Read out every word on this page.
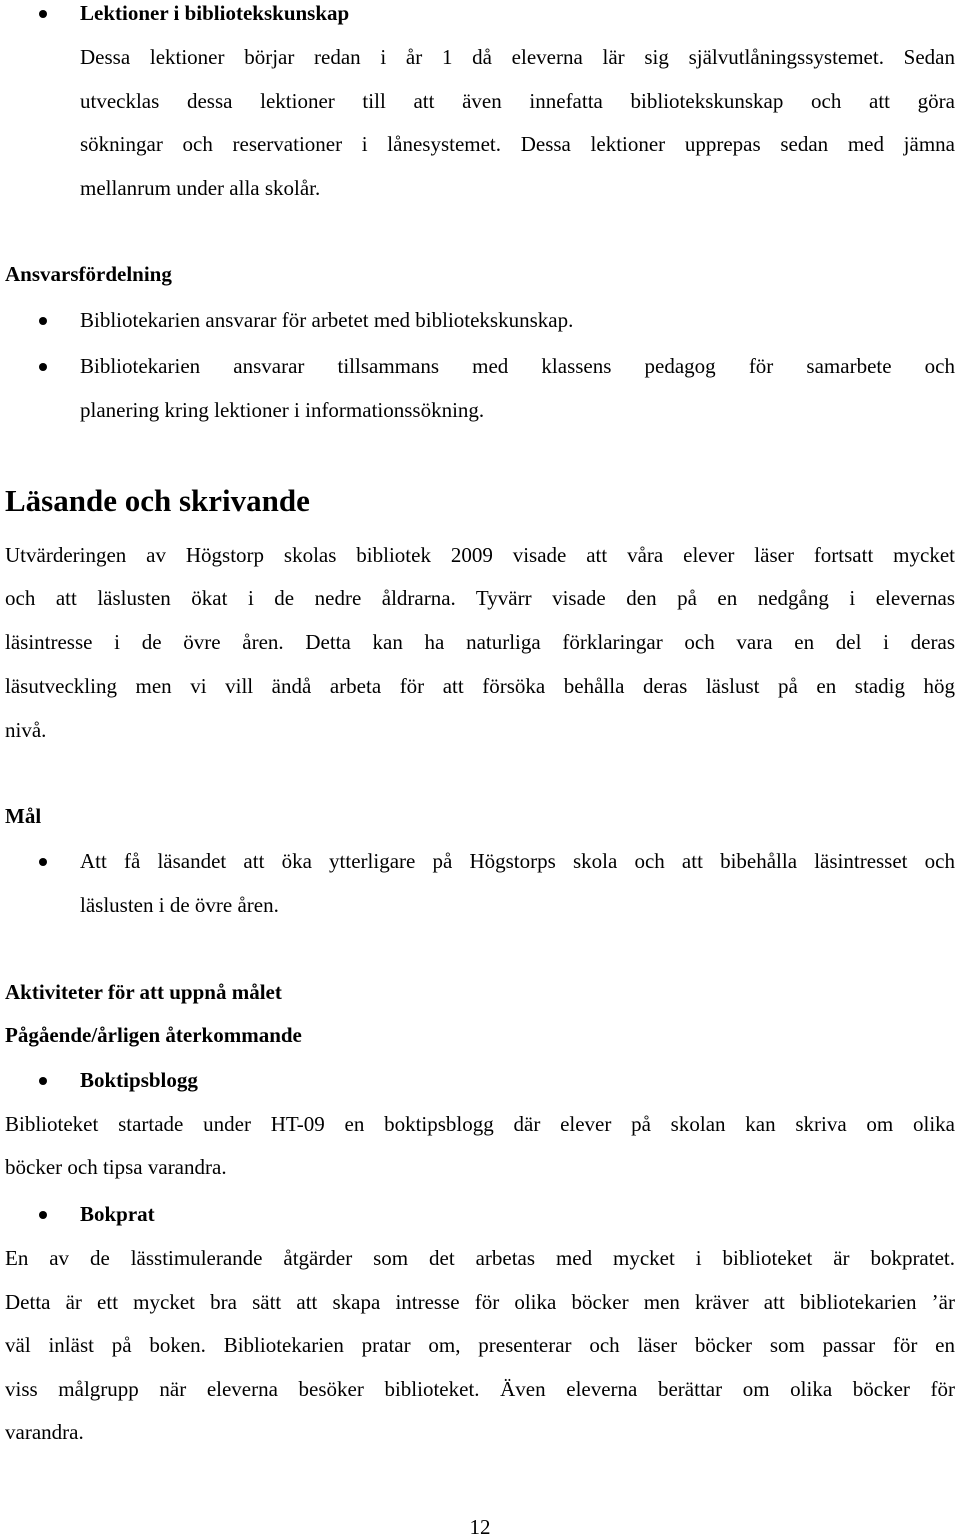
Lektioner i bibliotekskunskap
Dessa lektioner börjar redan i år 1 då eleverna lär sig självutlåningssystemet. Sedan
utvecklas dessa lektioner till att även innefatta bibliotekskunskap och att göra
sökningar och reservationer i lånesystemet. Dessa lektioner upprepas sedan med jämna
mellanrum under alla skolår.
Ansvarsfördelning
Bibliotekarien ansvarar för arbetet med bibliotekskunskap.
Bibliotekarien ansvarar tillsammans med klassens pedagog för samarbete och
planering kring lektioner i informationssökning.
Läsande och skrivande
Utvärderingen av Högstorp skolas bibliotek 2009 visade att våra elever läser fortsatt mycket
och att läslusten ökat i de nedre åldrarna. Tyvärr visade den på en nedgång i elevernas
läsintresse i de övre åren. Detta kan ha naturliga förklaringar och vara en del i deras
läsutveckling men vi vill ändå arbeta för att försöka behålla deras läslust på en stadig hög
nivå.
Mål
Att få läsandet att öka ytterligare på Högstorps skola och att bibehålla läsintresset och
läslusten i de övre åren.
Aktiviteter för att uppnå målet
Pågående/årligen återkommande
Boktipsblogg
Biblioteket startade under HT-09 en boktipsblogg där elever på skolan kan skriva om olika
böcker och tipsa varandra.
Bokprat
En av de lässtimulerande åtgärder som det arbetas med mycket i biblioteket är bokpratet.
Detta är ett mycket bra sätt att skapa intresse för olika böcker men kräver att bibliotekarien ’är
väl inläst på boken. Bibliotekarien pratar om, presenterar och läser böcker som passar för en
viss målgrupp när eleverna besöker biblioteket. Även eleverna berättar om olika böcker för
varandra.
12
